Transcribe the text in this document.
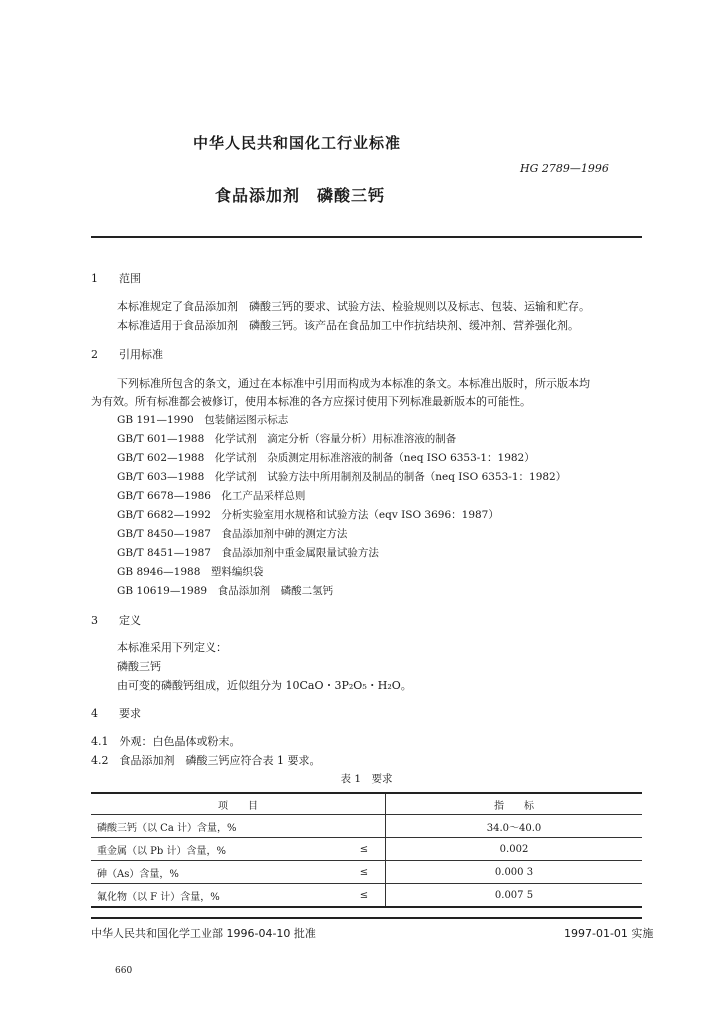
中华人民共和国化工行业标准
HG 2789—1996
食品添加剂　磷酸三钙
1 范围
本标准规定了食品添加剂　磷酸三钙的要求、试验方法、检验规则以及标志、包装、运输和贮存。
本标准适用于食品添加剂　磷酸三钙。该产品在食品加工中作抗结块剂、缓冲剂、营养强化剂。
2 引用标准
下列标准所包含的条文，通过在本标准中引用而构成为本标准的条文。本标准出版时，所示版本均
为有效。所有标准都会被修订，使用本标准的各方应探讨使用下列标准最新版本的可能性。
GB 191—1990　包装储运图示标志
GB/T 601—1988　化学试剂　滴定分析（容量分析）用标准溶液的制备
GB/T 602—1988　化学试剂　杂质测定用标准溶液的制备（neq ISO 6353-1：1982）
GB/T 603—1988　化学试剂　试验方法中所用制剂及制品的制备（neq ISO 6353-1：1982）
GB/T 6678—1986　化工产品采样总则
GB/T 6682—1992　分析实验室用水规格和试验方法（eqv ISO 3696：1987）
GB/T 8450—1987　食品添加剂中砷的测定方法
GB/T 8451—1987　食品添加剂中重金属限量试验方法
GB 8946—1988　塑料编织袋
GB 10619—1989　食品添加剂　磷酸二氢钙
3 定义
本标准采用下列定义：
磷酸三钙
由可变的磷酸钙组成，近似组分为 10CaO・3P₂O₅・H₂O。
4 要求
4.1　 外观：白色晶体或粉末。
4.2　 食品添加剂　磷酸三钙应符合表 1 要求。
表 1　要求
项　　目		指　　标
磷酸三钙（以 Ca 计）含量，%		34.0～40.0
重金属（以 Pb 计）含量，%	≤	0.002
砷（As）含量，%	≤	0.000 3
氟化物（以 F 计）含量，%	≤	0.007 5
中华人民共和国化学工业部 1996-04-10 批准	1997-01-01 实施
660
